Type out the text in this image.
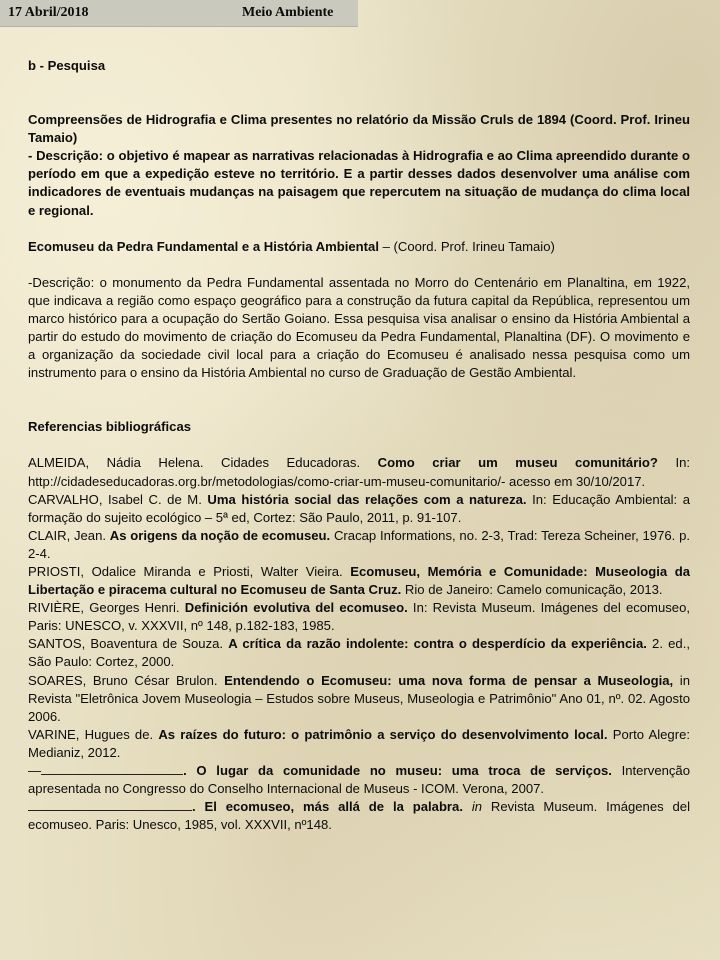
17 Abril/2018	Meio Ambiente

b - Pesquisa

Compreensões de Hidrografia e Clima presentes no relatório da Missão Cruls de 1894 (Coord. Prof. Irineu Tamaio)

- Descrição: o objetivo é mapear as narrativas relacionadas à Hidrografia e ao Clima apreendido durante o período em que a expedição esteve no território. E a partir desses dados desenvolver uma análise com indicadores de eventuais mudanças na paisagem que repercutem na situação de mudança do clima local e regional.

Ecomuseu da Pedra Fundamental e a História Ambiental – (Coord. Prof. Irineu Tamaio)

-Descrição: o monumento da Pedra Fundamental assentada no Morro do Centenário em Planaltina, em 1922, que indicava a região como espaço geográfico para a construção da futura capital da República, representou um marco histórico para a ocupação do Sertão Goiano. Essa pesquisa visa analisar o ensino da História Ambiental a partir do estudo do movimento de criação do Ecomuseu da Pedra Fundamental, Planaltina (DF). O movimento e a organização da sociedade civil local para a criação do Ecomuseu é analisado nessa pesquisa como um instrumento para o ensino da História Ambiental no curso de Graduação de Gestão Ambiental.

Referencias bibliográficas

ALMEIDA, Nádia Helena. Cidades Educadoras. Como criar um museu comunitário? In: http://cidadeseducadoras.org.br/metodologias/como-criar-um-museu-comunitario/- acesso em 30/10/2017.

CARVALHO, Isabel C. de M. Uma história social das relações com a natureza. In: Educação Ambiental: a formação do sujeito ecológico – 5ª ed, Cortez: São Paulo, 2011, p. 91-107.

CLAIR, Jean. As origens da noção de ecomuseu. Cracap Informations, no. 2-3, Trad: Tereza Scheiner, 1976. p. 2-4.

PRIOSTI, Odalice Miranda e Priosti, Walter Vieira. Ecomuseu, Memória e Comunidade: Museologia da Libertação e piracema cultural no Ecomuseu de Santa Cruz. Rio de Janeiro: Camelo comunicação, 2013.

RIVIÈRE, Georges Henri. Definición evolutiva del ecomuseo. In: Revista Museum. Imágenes del ecomuseo, Paris: UNESCO, v. XXXVII, nº 148, p.182-183, 1985.

SANTOS, Boaventura de Souza. A crítica da razão indolente: contra o desperdício da experiência. 2. ed., São Paulo: Cortez, 2000.

SOARES, Bruno César Brulon. Entendendo o Ecomuseu: uma nova forma de pensar a Museologia, in Revista "Eletrônica Jovem Museologia – Estudos sobre Museus, Museologia e Patrimônio" Ano 01, nº. 02. Agosto 2006.

VARINE, Hugues de. As raízes do futuro: o patrimônio a serviço do desenvolvimento local. Porto Alegre: Medianiz, 2012.

—	. O lugar da comunidade no museu: uma troca de serviços. Intervenção apresentada no Congresso do Conselho Internacional de Museus - ICOM. Verona, 2007.

. El ecomuseo, más allá de la palabra. in Revista Museum. Imágenes del ecomuseo. Paris: Unesco, 1985, vol. XXXVII, nº148.
